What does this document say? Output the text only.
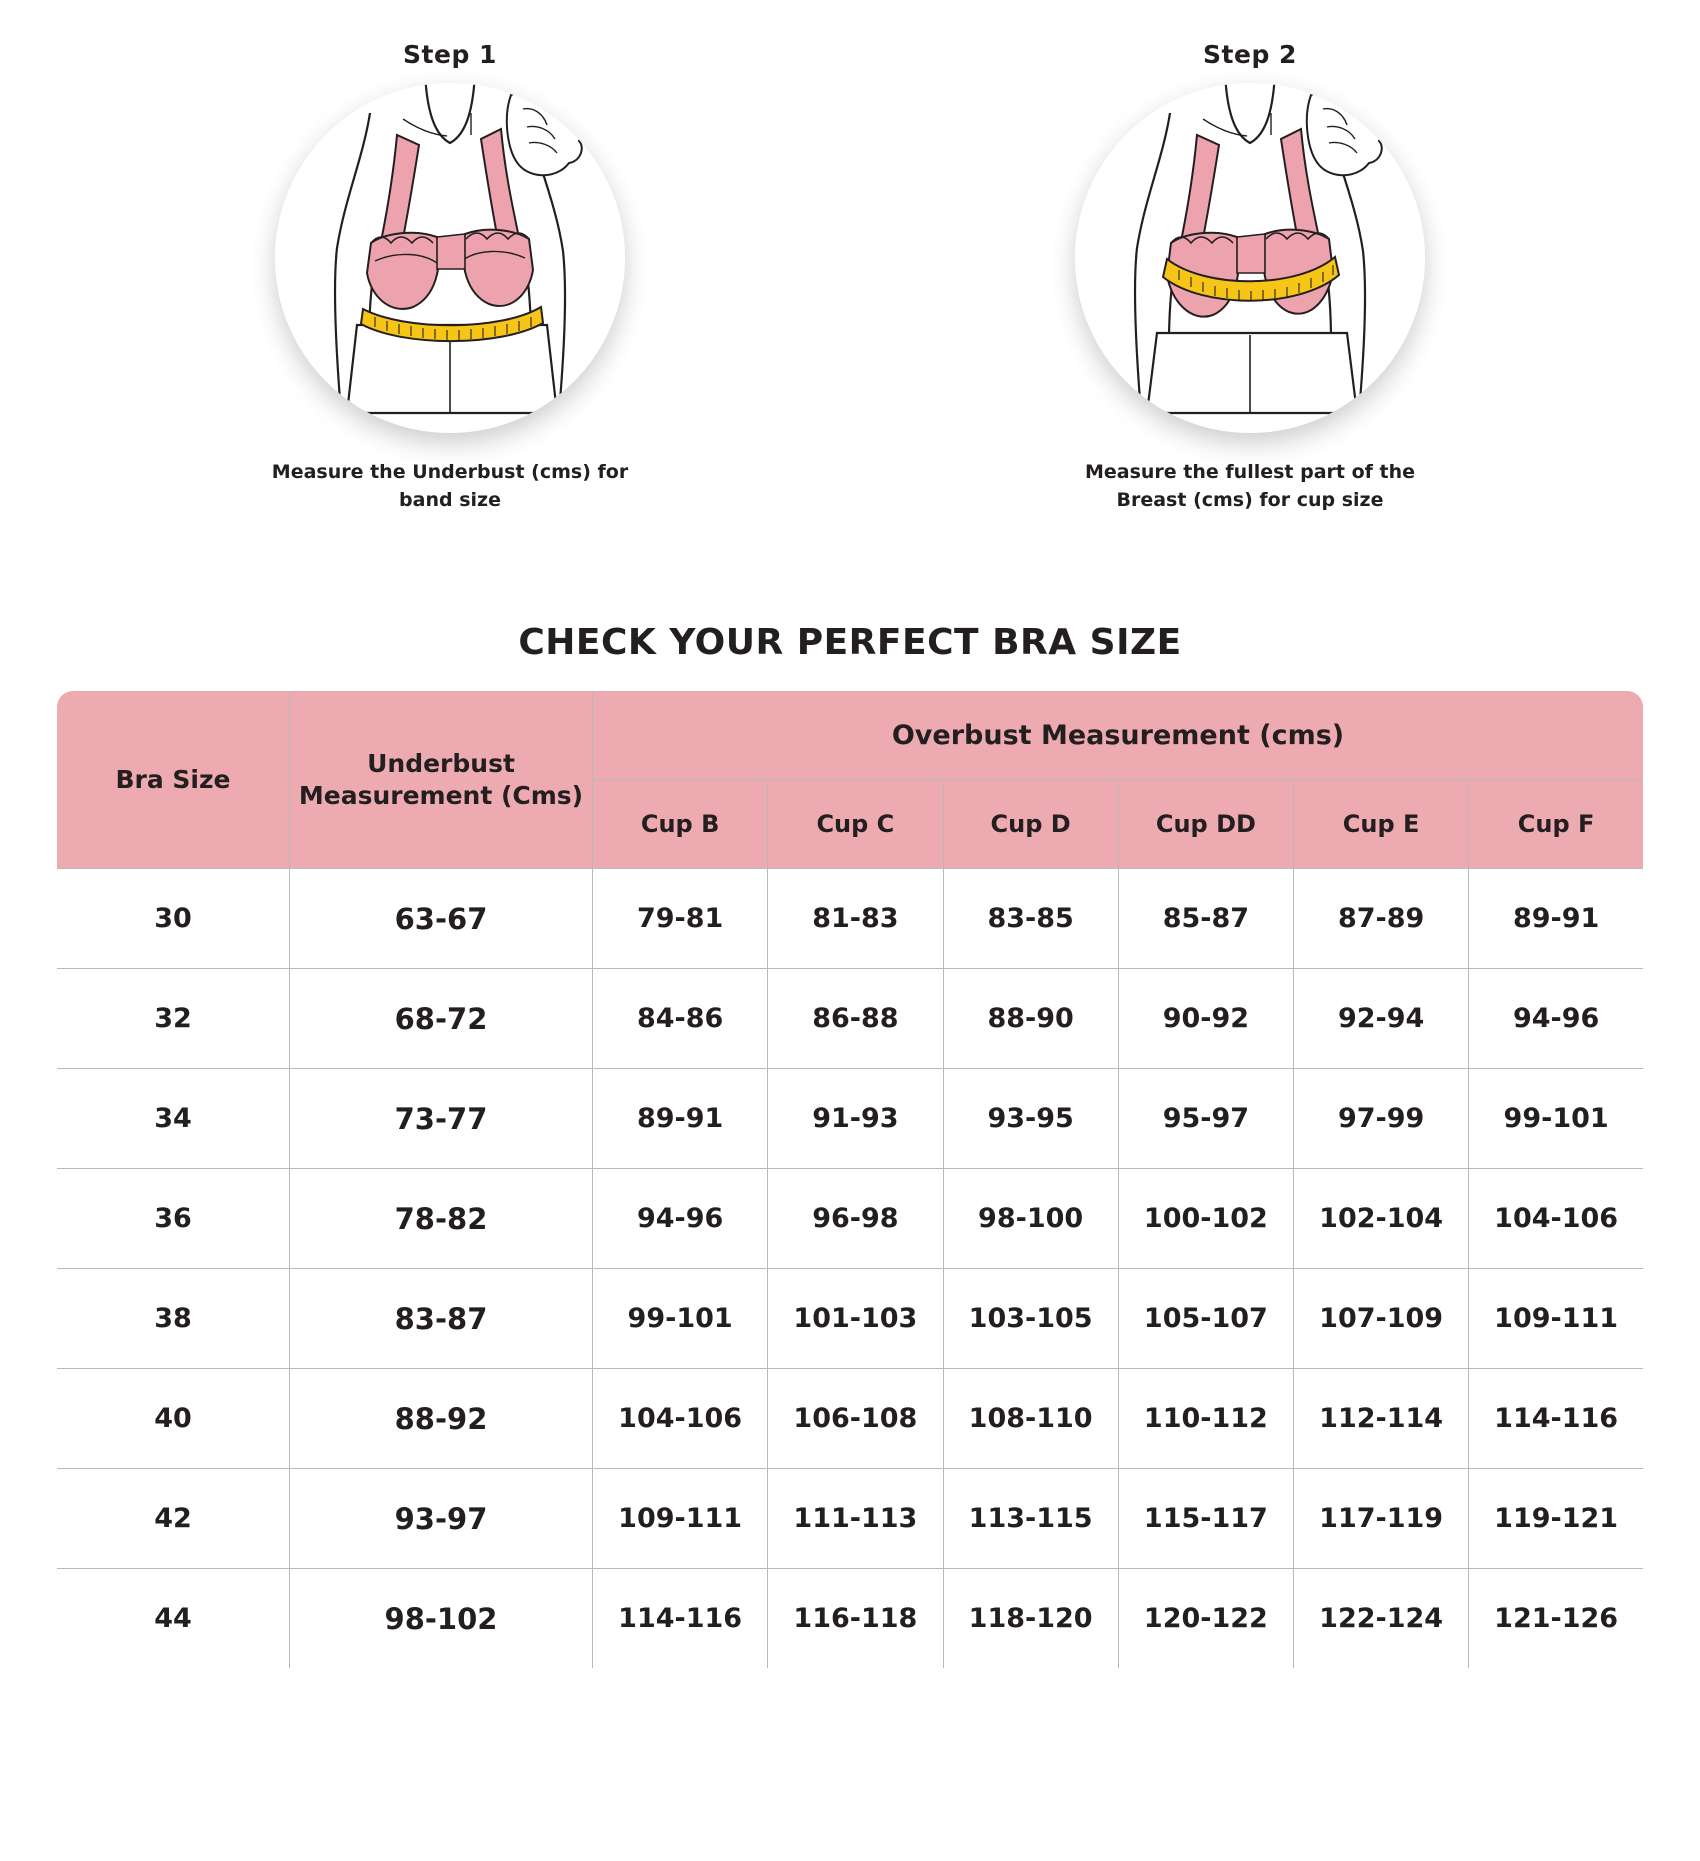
Step 1
Measure the Underbust (cms) for band size
Step 2
Measure the fullest part of the Breast (cms) for cup size
CHECK YOUR PERFECT BRA SIZE
Bra Size	Underbust Measurement (Cms)	Overbust Measurement (cms)					
		Cup B	Cup C	Cup D	Cup DD	Cup E	Cup F
30	63-67	79-81	81-83	83-85	85-87	87-89	89-91
32	68-72	84-86	86-88	88-90	90-92	92-94	94-96
34	73-77	89-91	91-93	93-95	95-97	97-99	99-101
36	78-82	94-96	96-98	98-100	100-102	102-104	104-106
38	83-87	99-101	101-103	103-105	105-107	107-109	109-111
40	88-92	104-106	106-108	108-110	110-112	112-114	114-116
42	93-97	109-111	111-113	113-115	115-117	117-119	119-121
44	98-102	114-116	116-118	118-120	120-122	122-124	121-126
